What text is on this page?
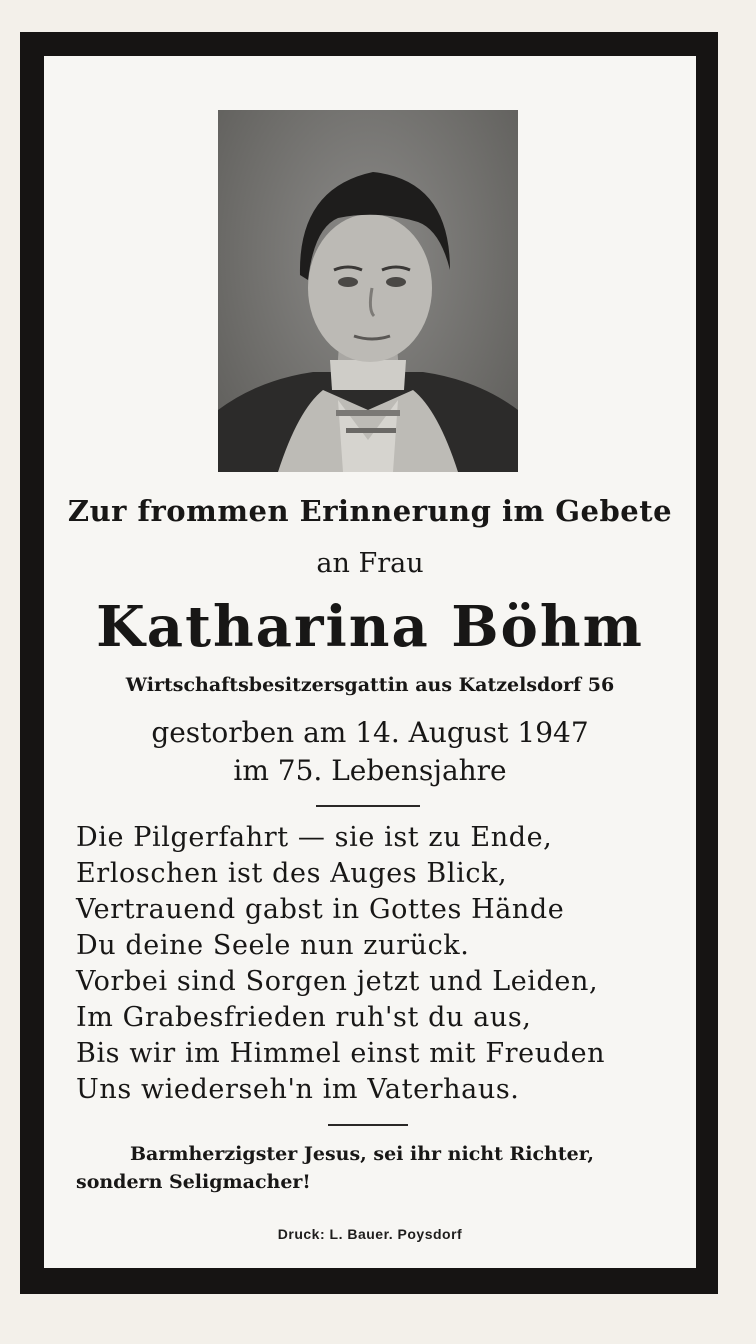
Zur frommen Erinnerung im Gebete

an Frau

Katharina Böhm

Wirtschaftsbesitzersgattin aus Katzelsdorf 56

gestorben am 14. August 1947

im 75. Lebensjahre

Die Pilgerfahrt — sie ist zu Ende,
Erloschen ist des Auges Blick,
Vertrauend gabst in Gottes Hände
Du deine Seele nun zurück.
Vorbei sind Sorgen jetzt und Leiden,
Im Grabesfrieden ruh'st du aus,
Bis wir im Himmel einst mit Freuden
Uns wiederseh'n im Vaterhaus.

Barmherzigster Jesus, sei ihr nicht Richter,
sondern Seligmacher!

Druck: L. Bauer. Poysdorf
